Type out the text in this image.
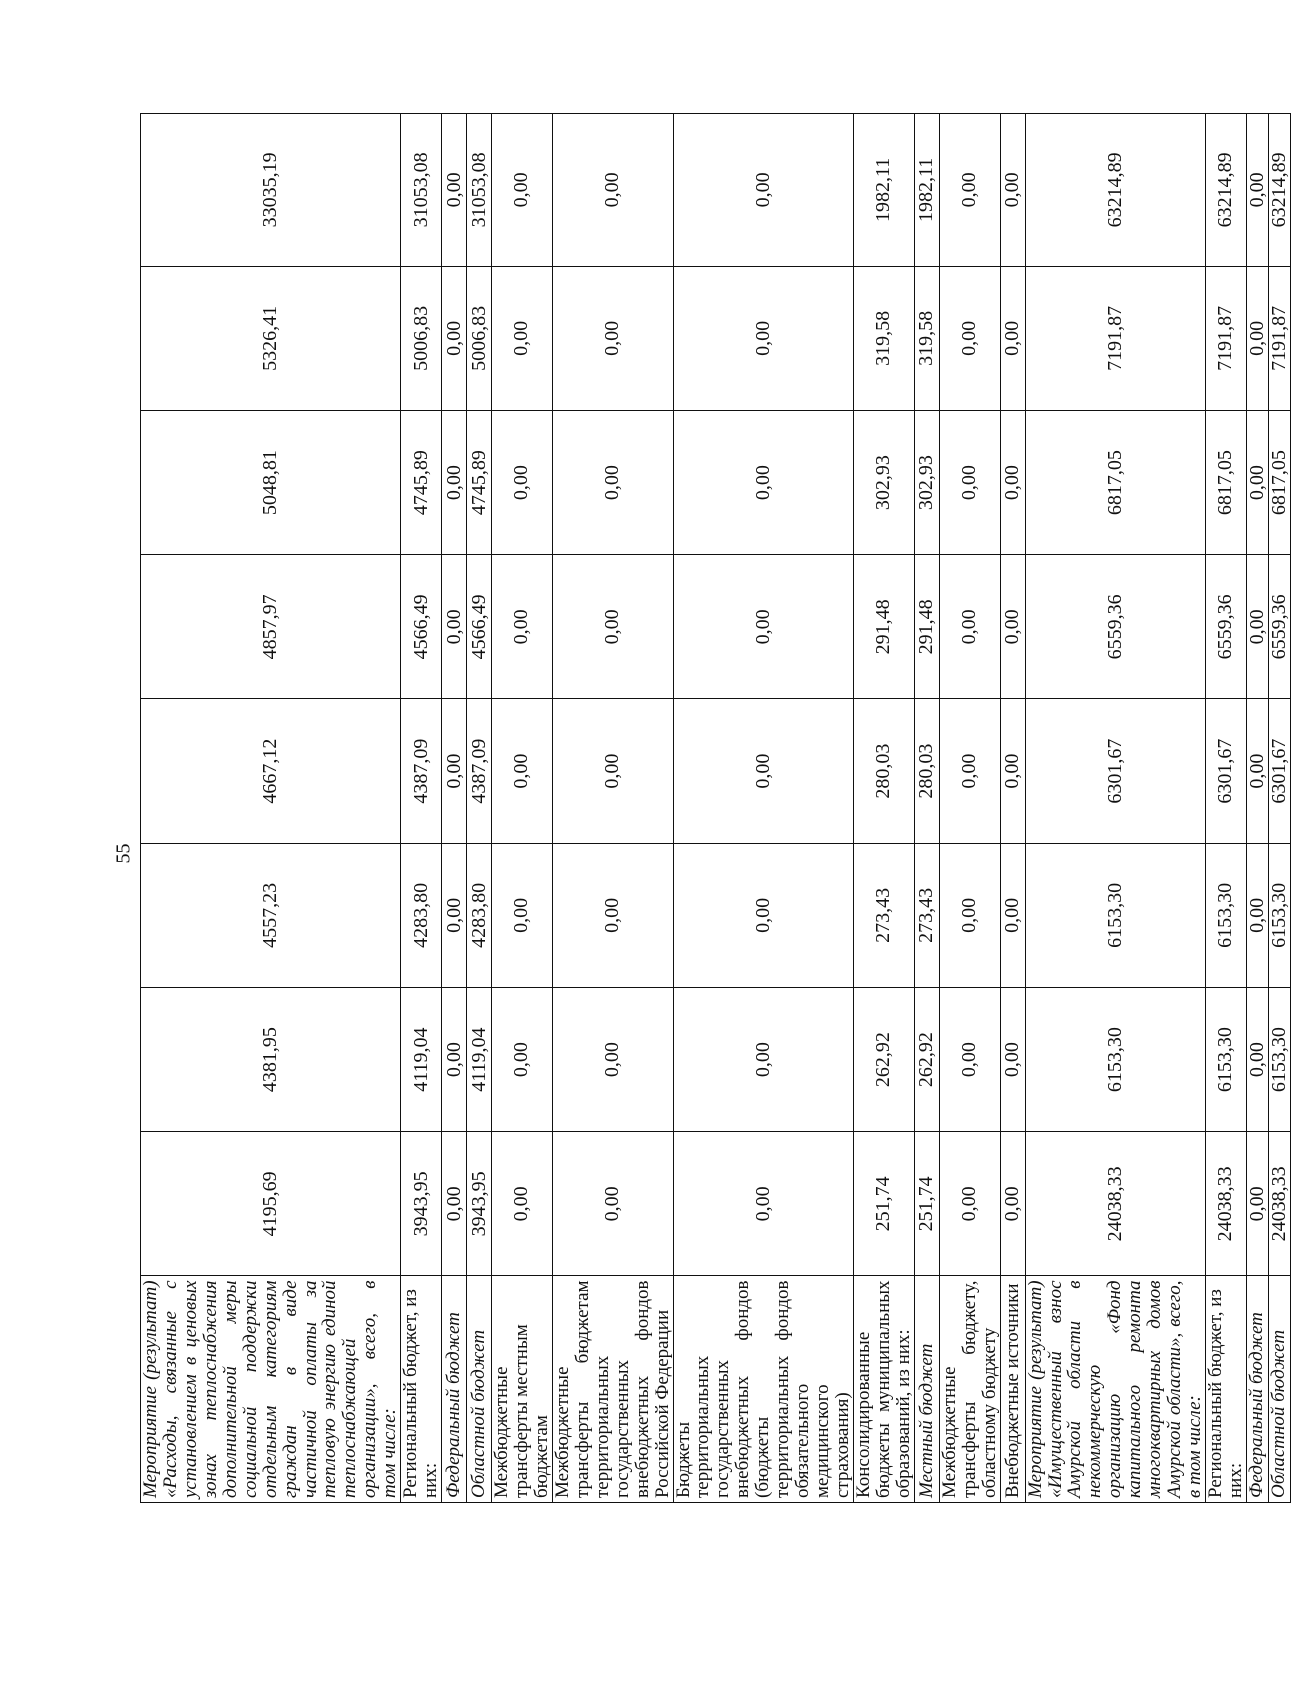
55
Мероприятие (результат) «Расходы, связанные с установлением в ценовых зонах теплоснабжения дополнительной меры социальной поддержки отдельным категориям граждан в виде частичной оплаты за тепловую энергию единой теплоснабжающей организации», всего, в том числе:	4195,69	4381,95	4557,23	4667,12	4857,97	5048,81	5326,41	33035,19
Региональный бюджет, из них:	3943,95	4119,04	4283,80	4387,09	4566,49	4745,89	5006,83	31053,08
Федеральный бюджет	0,00	0,00	0,00	0,00	0,00	0,00	0,00	0,00
Областной бюджет	3943,95	4119,04	4283,80	4387,09	4566,49	4745,89	5006,83	31053,08
Межбюджетные трансферты местным бюджетам	0,00	0,00	0,00	0,00	0,00	0,00	0,00	0,00
Межбюджетные трансферты бюджетам территориальных государственных внебюджетных фондов Российской Федерации	0,00	0,00	0,00	0,00	0,00	0,00	0,00	0,00
Бюджеты территориальных государственных внебюджетных фондов (бюджеты территориальных фондов обязательного медицинского страхования)	0,00	0,00	0,00	0,00	0,00	0,00	0,00	0,00
Консолидированные бюджеты муниципальных образований, из них:	251,74	262,92	273,43	280,03	291,48	302,93	319,58	1982,11
Местный бюджет	251,74	262,92	273,43	280,03	291,48	302,93	319,58	1982,11
Межбюджетные трансферты бюджету, областному бюджету	0,00	0,00	0,00	0,00	0,00	0,00	0,00	0,00
Внебюджетные источники	0,00	0,00	0,00	0,00	0,00	0,00	0,00	0,00
Мероприятие (результат) «Имущественный взнос Амурской области в некоммерческую организацию «Фонд капитального ремонта многоквартирных домов Амурской области», всего, в том числе:	24038,33	6153,30	6153,30	6301,67	6559,36	6817,05	7191,87	63214,89
Региональный бюджет, из них:	24038,33	6153,30	6153,30	6301,67	6559,36	6817,05	7191,87	63214,89
Федеральный бюджет	0,00	0,00	0,00	0,00	0,00	0,00	0,00	0,00
Областной бюджет	24038,33	6153,30	6153,30	6301,67	6559,36	6817,05	7191,87	63214,89
